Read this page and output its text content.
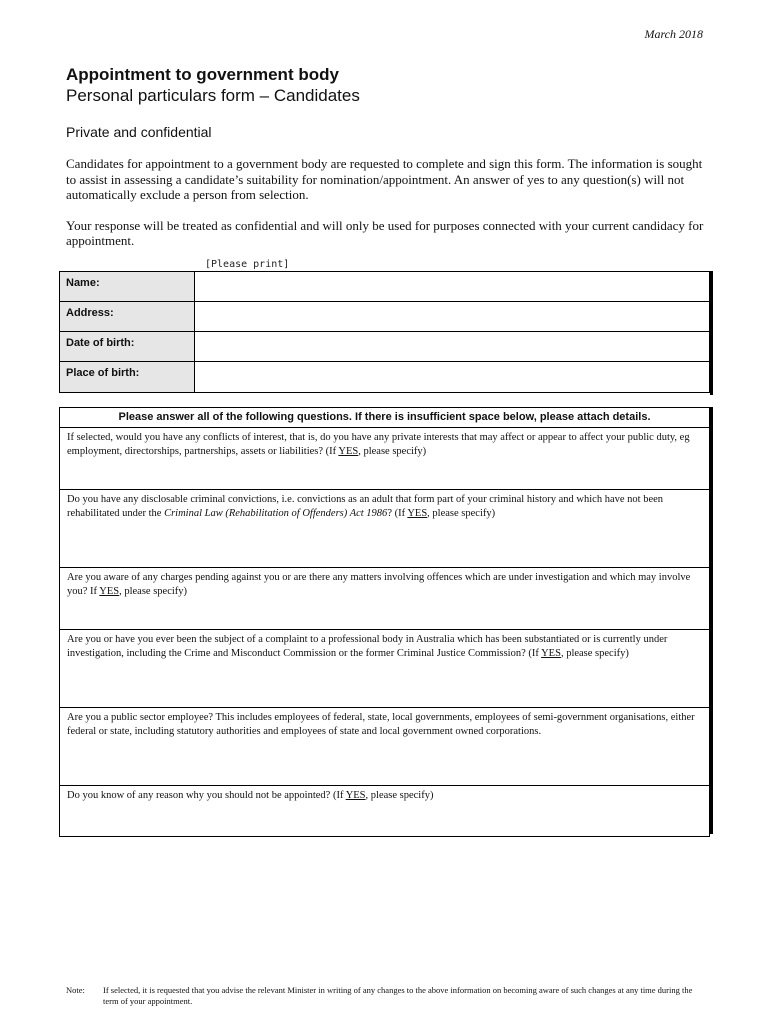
March 2018
Appointment to government body
Personal particulars form – Candidates
Private and confidential

Candidates for appointment to a government body are requested to complete and sign this form. The information is sought to assist in assessing a candidate’s suitability for nomination/appointment. An answer of yes to any question(s) will not automatically exclude a person from selection.

Your response will be treated as confidential and will only be used for purposes connected with your current candidacy for appointment.

[Please print]
Name:
Address:
Date of birth:
Place of birth:
Please answer all of the following questions. If there is insufficient space below, please attach details.
If selected, would you have any conflicts of interest, that is, do you have any private interests that may affect or appear to affect your public duty, eg employment, directorships, partnerships, assets or liabilities? (If YES, please specify)
Do you have any disclosable criminal convictions, i.e. convictions as an adult that form part of your criminal history and which have not been rehabilitated under the Criminal Law (Rehabilitation of Offenders) Act 1986? (If YES, please specify)
Are you aware of any charges pending against you or are there any matters involving offences which are under investigation and which may involve you? If YES, please specify)
Are you or have you ever been the subject of a complaint to a professional body in Australia which has been substantiated or is currently under investigation, including the Crime and Misconduct Commission or the former Criminal Justice Commission? (If YES, please specify)
Are you a public sector employee? This includes employees of federal, state, local governments, employees of semi-government organisations, either federal or state, including statutory authorities and employees of state and local government owned corporations.
Do you know of any reason why you should not be appointed? (If YES, please specify)
Note:	If selected, it is requested that you advise the relevant Minister in writing of any changes to the above information on becoming aware of such changes at any time during the term of your appointment.
